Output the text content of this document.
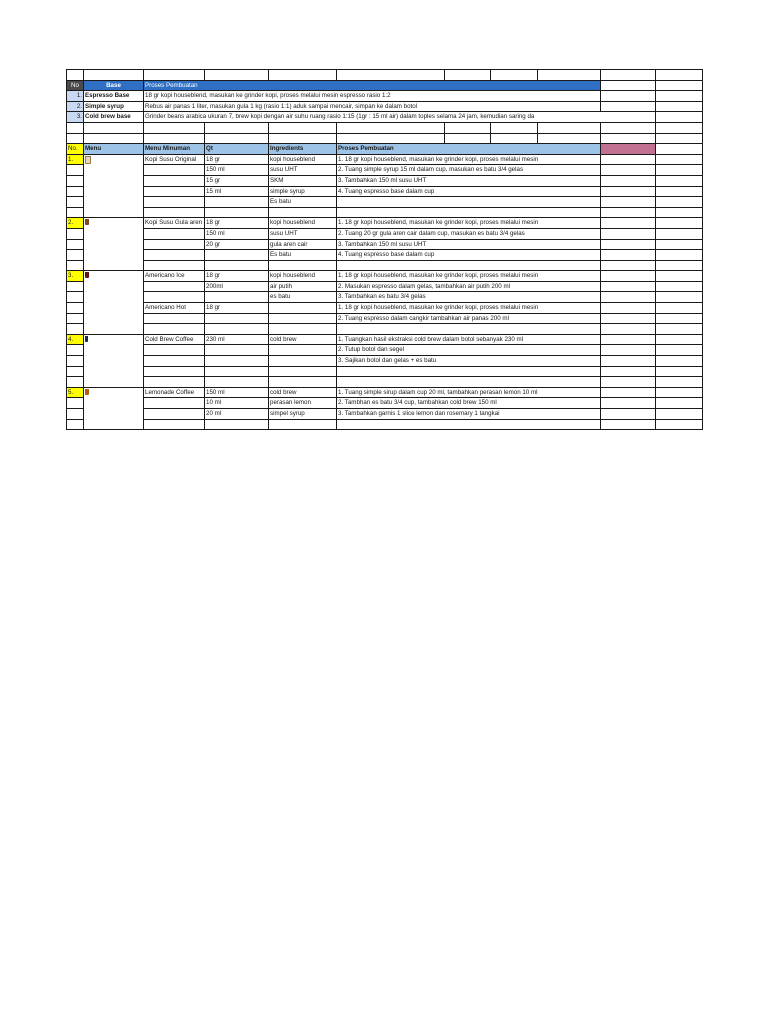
No	Base	Proses Pembuatan								
1.	Espresso Base	18 gr kopi houseblend, masukan ke grinder kopi, proses melalui mesin espresso rasio 1:2								
2.	Simple syrup	Rebus air panas 1 liter, masukan gula 1 kg (rasio 1:1) aduk sampai mencair, simpan ke dalam botol								
3.	Cold brew base	Grinder beans arabica ukuran 7, brew kopi dengan air suhu ruang rasio 1:15 (1gr : 15 ml air) dalam toples selama 24 jam, kemudian saring da								

No.	Menu	Menu Minuman	Qt	Ingredients	Proses Pembuatan					
1.		Kopi Susu Original	18 gr	kopi houseblend	1. 18 gr kopi houseblend, masukan ke grinder kopi, proses melalui mesin					
			150 ml	susu UHT	2. Tuang simple syrup 15 ml dalam cup, masukan es batu 3/4 gelas					
			15 gr	SKM	3. Tambahkan 150 ml susu UHT					
			15 ml	simple syrup	4. Tuang espresso base dalam cup					
				Es batu						

2.		Kopi Susu Gula aren	18 gr	kopi houseblend	1. 18 gr kopi houseblend, masukan ke grinder kopi, proses melalui mesin					
			150 ml	susu UHT	2. Tuang 20 gr gula aren cair dalam cup, masukan es batu 3/4 gelas					
			20 gr	gula aren cair	3. Tambahkan 150 ml susu UHT					
				Es batu	4. Tuang espresso base dalam cup					

3.		Americano Ice	18 gr	kopi houseblend	1. 18 gr kopi houseblend, masukan ke grinder kopi, proses melalui mesin					
			200ml	air putih	2. Masukan espresso dalam gelas, tambahkan air putih 200 ml					
				es batu	3. Tambahkan es batu 3/4 gelas					
		Americano Hot	18 gr		1. 18 gr kopi houseblend, masukan ke grinder kopi, proses melalui mesin					
					2. Tuang espresso dalam cangkir tambahkan air panas 200 ml					

4.		Cold Brew Coffee	230 ml	cold brew	1. Tuangkan hasil ekstraksi cold brew dalam botol sebanyak 230 ml					
					2. Tutup botol dan segel					
					3. Sajikan botol dan gelas + es batu					

5.		Lemonade Coffee	150 ml	cold brew	1. Tuang simple sirup dalam cup 20 ml, tambahkan perasan lemon 10 ml					
			10 ml	perasan lemon	2. Tambhan es batu 3/4 cup, tambahkan cold brew 150 ml					
			20 ml	simpel syrup	3. Tambahkan garnis 1 slice lemon dan rosemary 1 tangkai					
